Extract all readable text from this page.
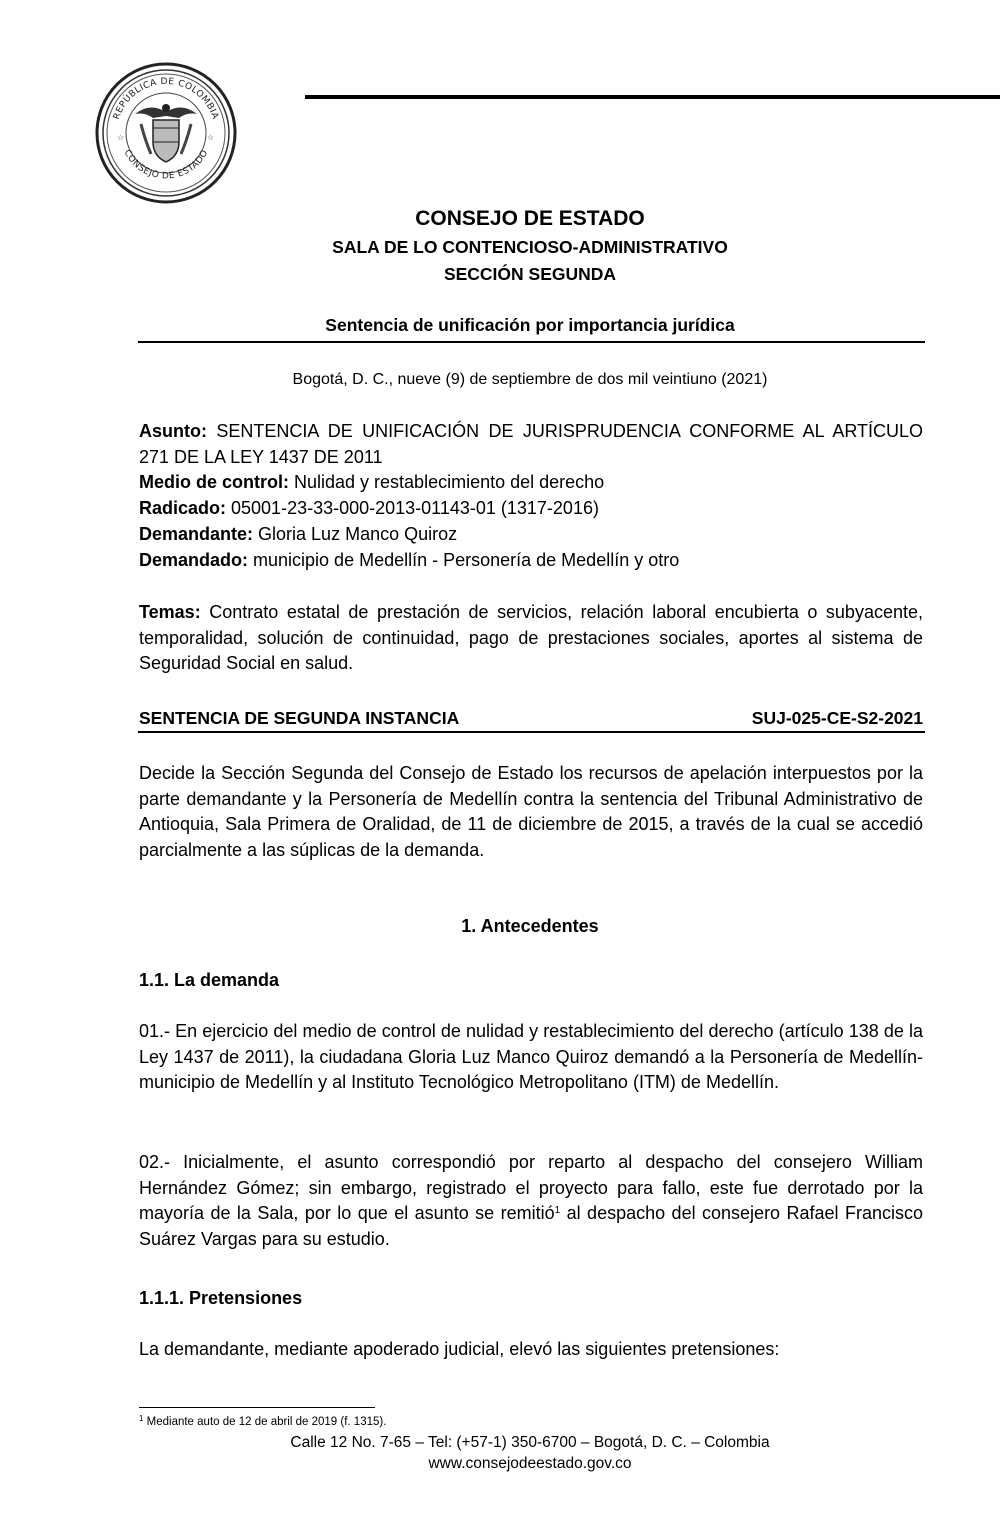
REPÚBLICA DE COLOMBIA
CONSEJO DE ESTADO
☆	☆
CONSEJO DE ESTADO
SALA DE LO CONTENCIOSO-ADMINISTRATIVO
SECCIÓN SEGUNDA
Sentencia de unificación por importancia jurídica
Bogotá, D. C., nueve (9) de septiembre de dos mil veintiuno (2021)
Asunto: SENTENCIA DE UNIFICACIÓN DE JURISPRUDENCIA CONFORME AL ARTÍCULO 271 DE LA LEY 1437 DE 2011
Medio de control: Nulidad y restablecimiento del derecho
Radicado: 05001-23-33-000-2013-01143-01 (1317-2016)
Demandante: Gloria Luz Manco Quiroz
Demandado: municipio de Medellín - Personería de Medellín y otro
Temas: Contrato estatal de prestación de servicios, relación laboral encubierta o subyacente, temporalidad, solución de continuidad, pago de prestaciones sociales, aportes al sistema de Seguridad Social en salud.
SENTENCIA DE SEGUNDA INSTANCIA	SUJ-025-CE-S2-2021
Decide la Sección Segunda del Consejo de Estado los recursos de apelación interpuestos por la parte demandante y la Personería de Medellín contra la sentencia del Tribunal Administrativo de Antioquia, Sala Primera de Oralidad, de 11 de diciembre de 2015, a través de la cual se accedió parcialmente a las súplicas de la demanda.
1. Antecedentes
1.1. La demanda
01.- En ejercicio del medio de control de nulidad y restablecimiento del derecho (artículo 138 de la Ley 1437 de 2011), la ciudadana Gloria Luz Manco Quiroz demandó a la Personería de Medellín-municipio de Medellín y al Instituto Tecnológico Metropolitano (ITM) de Medellín.
02.- Inicialmente, el asunto correspondió por reparto al despacho del consejero William Hernández Gómez; sin embargo, registrado el proyecto para fallo, este fue derrotado por la mayoría de la Sala, por lo que el asunto se remitió$^1$ al despacho del consejero Rafael Francisco Suárez Vargas para su estudio.
1.1.1. Pretensiones
La demandante, mediante apoderado judicial, elevó las siguientes pretensiones:
$^1$ Mediante auto de 12 de abril de 2019 (f. 1315).
Calle 12 No. 7-65 – Tel: (+57-1) 350-6700 – Bogotá, D. C. – Colombia
www.consejodeestado.gov.co
